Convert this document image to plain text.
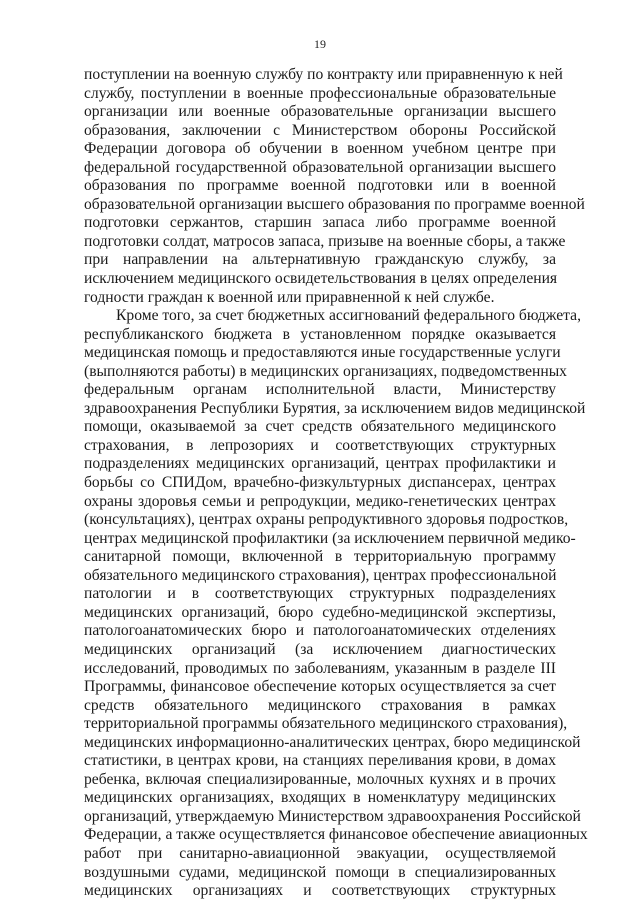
19
поступлении на военную службу по контракту или приравненную к ней
службу, поступлении в военные профессиональные образовательные
организации или военные образовательные организации высшего
образования, заключении с Министерством обороны Российской
Федерации договора об обучении в военном учебном центре при
федеральной государственной образовательной организации высшего
образования по программе военной подготовки или в военной
образовательной организации высшего образования по программе военной
подготовки сержантов, старшин запаса либо программе военной
подготовки солдат, матросов запаса, призыве на военные сборы, а также
при направлении на альтернативную гражданскую службу, за
исключением медицинского освидетельствования в целях определения
годности граждан к военной или приравненной к ней службе.
Кроме того, за счет бюджетных ассигнований федерального бюджета,
республиканского бюджета в установленном порядке оказывается
медицинская помощь и предоставляются иные государственные услуги
(выполняются работы) в медицинских организациях, подведомственных
федеральным органам исполнительной власти, Министерству
здравоохранения Республики Бурятия, за исключением видов медицинской
помощи, оказываемой за счет средств обязательного медицинского
страхования, в лепрозориях и соответствующих структурных
подразделениях медицинских организаций, центрах профилактики и
борьбы со СПИДом, врачебно-физкультурных диспансерах, центрах
охраны здоровья семьи и репродукции, медико-генетических центрах
(консультациях), центрах охраны репродуктивного здоровья подростков,
центрах медицинской профилактики (за исключением первичной медико-
санитарной помощи, включенной в территориальную программу
обязательного медицинского страхования), центрах профессиональной
патологии и в соответствующих структурных подразделениях
медицинских организаций, бюро судебно-медицинской экспертизы,
патологоанатомических бюро и патологоанатомических отделениях
медицинских организаций (за исключением диагностических
исследований, проводимых по заболеваниям, указанным в разделе III
Программы, финансовое обеспечение которых осуществляется за счет
средств обязательного медицинского страхования в рамках
территориальной программы обязательного медицинского страхования),
медицинских информационно-аналитических центрах, бюро медицинской
статистики, в центрах крови, на станциях переливания крови, в домах
ребенка, включая специализированные, молочных кухнях и в прочих
медицинских организациях, входящих в номенклатуру медицинских
организаций, утверждаемую Министерством здравоохранения Российской
Федерации, а также осуществляется финансовое обеспечение авиационных
работ при санитарно-авиационной эвакуации, осуществляемой
воздушными судами, медицинской помощи в специализированных
медицинских организациях и соответствующих структурных
